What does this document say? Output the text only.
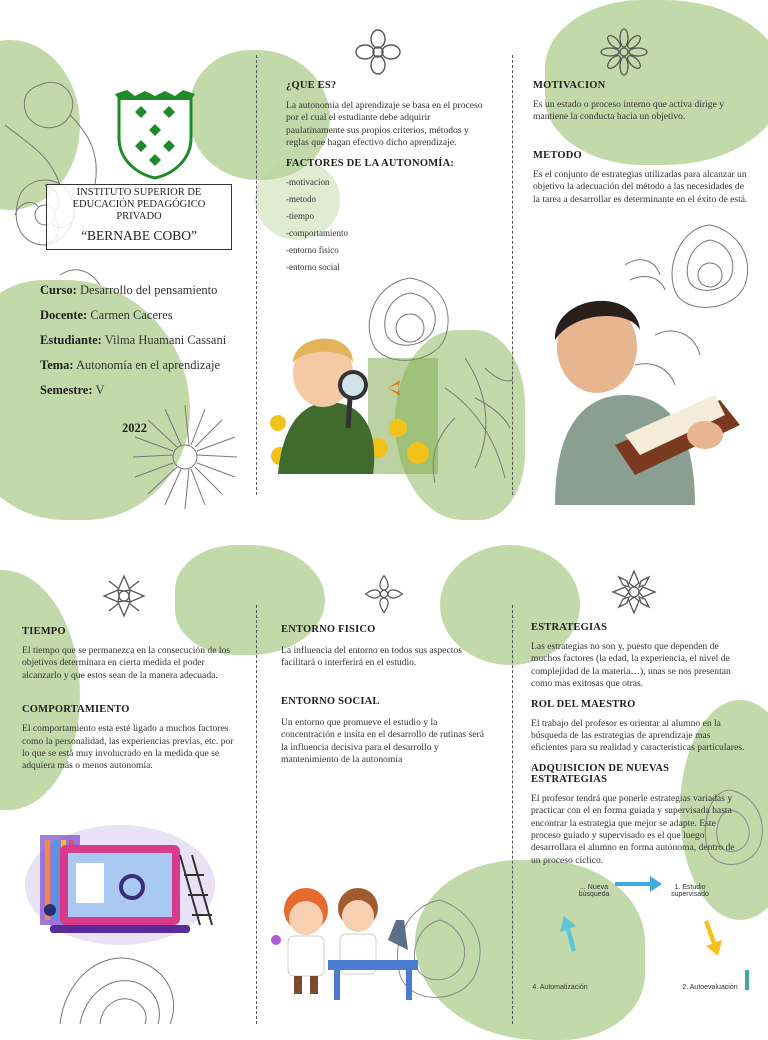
INSTITUTO SUPERIOR DE EDUCACIÓN PEDAGÓGICO PRIVADO
“BERNABE COBO”
Curso: Desarrollo del pensamiento
Docente: Carmen Caceres
Estudiante: Vilma Huamani Cassani
Tema: Autonomía en el aprendizaje
Semestre: V
2022
¿QUE ES?

La autonomía del aprendizaje se basa en el proceso por el cual el estudiante debe adquirir paulatinamente sus propios criterios, métodos y reglas que hagan efectivo dicho aprendizaje.

FACTORES DE LA AUTONOMÍA:
-motivacion
-metodo
-tiempo
-comportamiento
-entorno fisico
-entorno social
MOTIVACION

Es un estado o proceso interno que activa dirige y mantiene la conducta hacia un objetivo.

METODO

Es el conjunto de estrategias utilizadas para alcanzar un objetivo la adecuación del método a las necesidades de la tarea a desarrollar es determinante en el éxito de está.

TIEMPO

El tiempo que se permanezca en la consecución de los objetivos determinara en cierta medida el poder alcanzarlo y que estos sean de la manera adecuada.

COMPORTAMIENTO

El comportamiento esta esté ligado a muchos factores como la personalidad, las experiencias previas, etc. por lo que se está muy involucrado en la medida que se adquiera más o menos autonomía.

ENTORNO FISICO

La influencia del entorno en todos sus aspectos facilitará o interferirá en el estudio.

ENTORNO SOCIAL

Un entorno que promueve el estudio y la concentración e insita en el desarrollo de rutinas será la influencia decisiva para el desarrollo y mantenimiento de la autonomía

ESTRATEGIAS

Las estrategias no son y, puesto que dependen de muchos factores (la edad, la experiencia, el nivel de complejidad de la materia…), unas se nos presentan como mas exitosas que otras.

ROL DEL MAESTRO

El trabajo del profesor es orientar al alumno en la búsqueda de las estrategias de aprendizaje mas eficientes para su realidad y características particulares.

ADQUISICION DE NUEVAS ESTRATEGIAS

El profesor tendrá que ponerle estrategias variadas y practicar con el en forma guiada y supervisada hasta encontrar la estrategia que mejor se adapte. Este proceso guiado y supervisado es el que luego desarrollara el alumno en forma autónoma, dentro de un proceso cíclico.

... Nueva búsqueda
1. Estudio supervisado
2. Autoevaluación
4. Automatización
